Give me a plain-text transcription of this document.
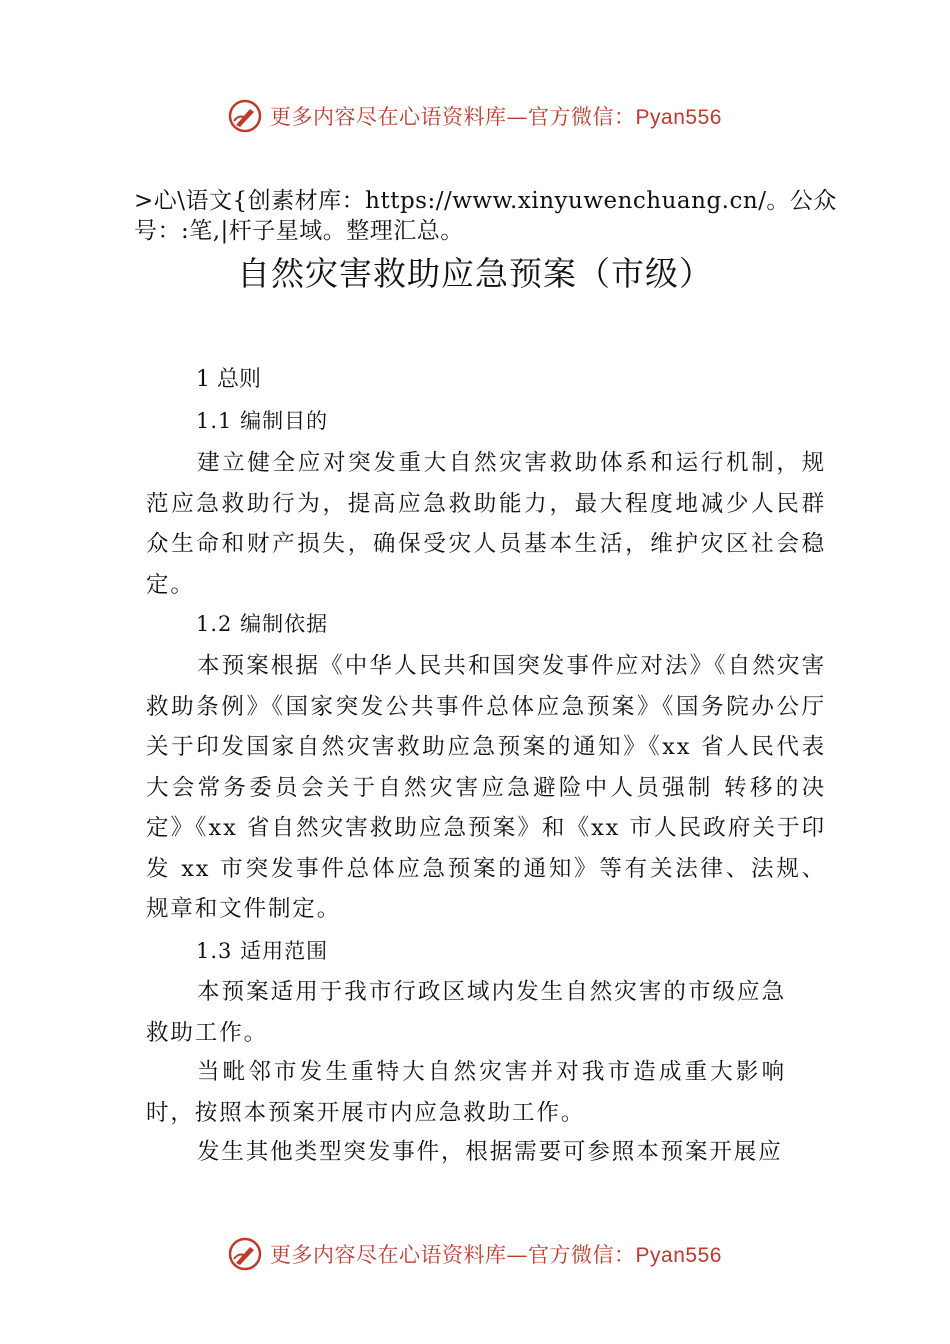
更多内容尽在心语资料库—官方微信：Pyan556
>心\语文{创素材库：https://www.xinyuwenchuang.cn/。公众号：:笔,|杆子星域。整理汇总。
自然灾害救助应急预案（市级）
1 总则
1.1 编制目的
建立健全应对突发重大自然灾害救助体系和运行机制，规范应急救助行为，提高应急救助能力，最大程度地减少人民群众生命和财产损失，确保受灾人员基本生活，维护灾区社会稳定。
1.2 编制依据
本预案根据《中华人民共和国突发事件应对法》《自然灾害救助条例》《国家突发公共事件总体应急预案》《国务院办公厅关于印发国家自然灾害救助应急预案的通知》《xx 省人民代表大会常务委员会关于自然灾害应急避险中人员强制 转移的决定》《xx 省自然灾害救助应急预案》和《xx 市人民政府关于印发 xx 市突发事件总体应急预案的通知》等有关法律、法规、规章和文件制定。
1.3 适用范围
本预案适用于我市行政区域内发生自然灾害的市级应急救助工作。
当毗邻市发生重特大自然灾害并对我市造成重大影响时，按照本预案开展市内应急救助工作。
发生其他类型突发事件，根据需要可参照本预案开展应
更多内容尽在心语资料库—官方微信：Pyan556
